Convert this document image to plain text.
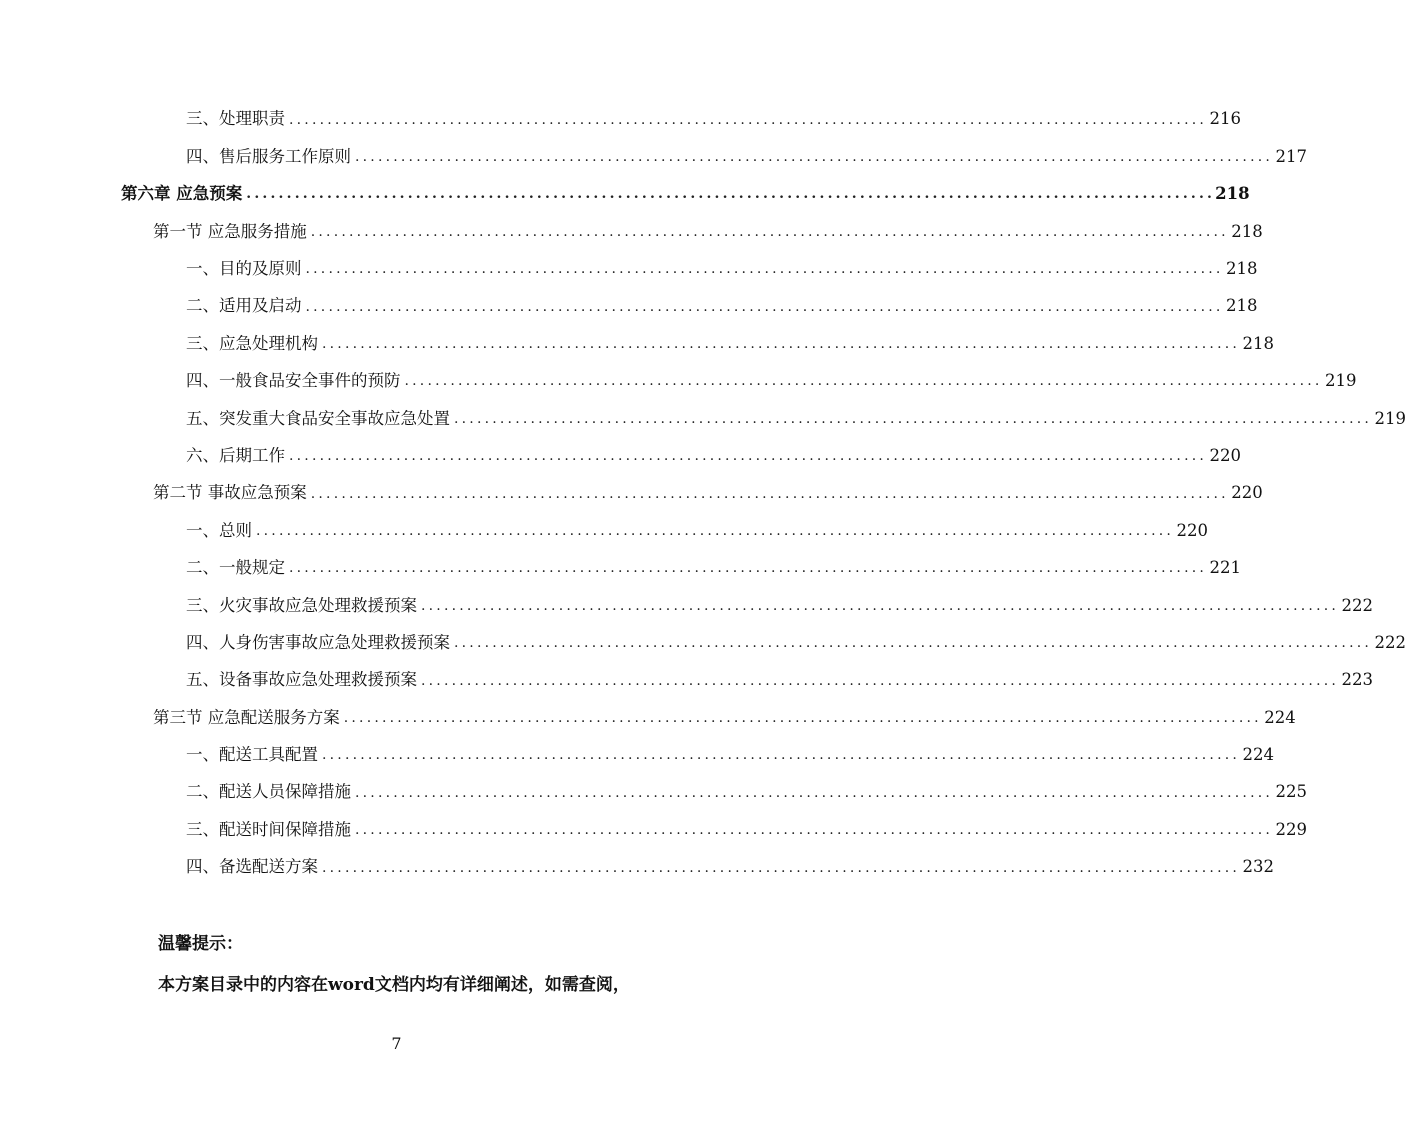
三、处理职责 ........................................................................................................................ 216
四、售后服务工作原则 ........................................................................................................................ 217
第六章 应急预案 ........................................................................................................................ 218
第一节 应急服务措施 ........................................................................................................................ 218
一、目的及原则 ........................................................................................................................ 218
二、适用及启动 ........................................................................................................................ 218
三、应急处理机构 ........................................................................................................................ 218
四、一般食品安全事件的预防 ........................................................................................................................ 219
五、突发重大食品安全事故应急处置 ........................................................................................................................ 219
六、后期工作 ........................................................................................................................ 220
第二节 事故应急预案 ........................................................................................................................ 220
一、总则 ........................................................................................................................ 220
二、一般规定 ........................................................................................................................ 221
三、火灾事故应急处理救援预案 ........................................................................................................................ 222
四、人身伤害事故应急处理救援预案 ........................................................................................................................ 222
五、设备事故应急处理救援预案 ........................................................................................................................ 223
第三节 应急配送服务方案 ........................................................................................................................ 224
一、配送工具配置 ........................................................................................................................ 224
二、配送人员保障措施 ........................................................................................................................ 225
三、配送时间保障措施 ........................................................................................................................ 229
四、备选配送方案 ........................................................................................................................ 232
温馨提示：
本方案目录中的内容在word文档内均有详细阐述，如需查阅，
7
